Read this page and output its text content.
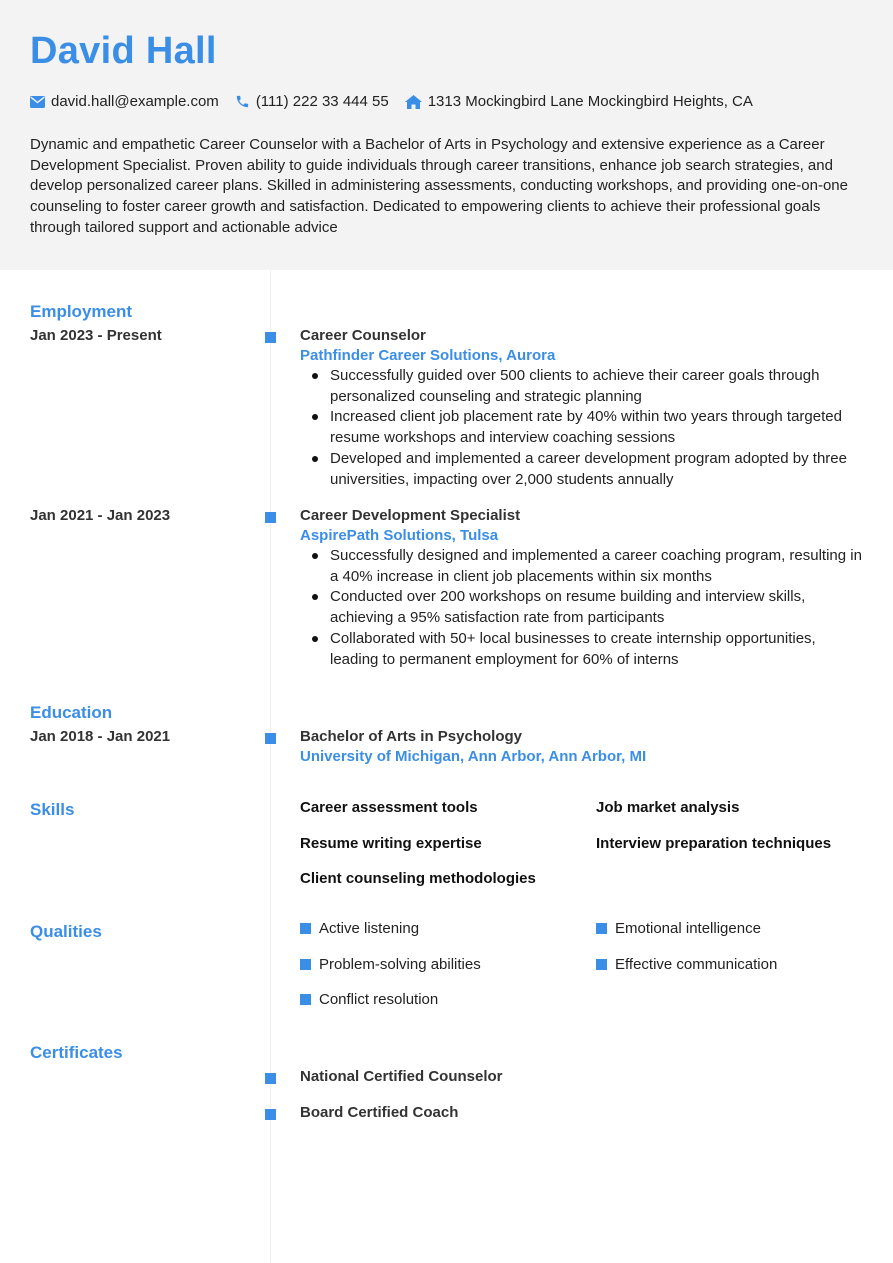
David Hall
david.hall@example.com (111) 222 33 444 55	1313 Mockingbird Lane Mockingbird Heights, CA
Dynamic and empathetic Career Counselor with a Bachelor of Arts in Psychology and extensive experience as a Career Development Specialist. Proven ability to guide individuals through career transitions, enhance job search strategies, and develop personalized career plans. Skilled in administering assessments, conducting workshops, and providing one-on-one counseling to foster career growth and satisfaction. Dedicated to empowering clients to achieve their professional goals through tailored support and actionable advice
Employment
Jan 2023 - Present	Career Counselor
Pathfinder Career Solutions, Aurora
Successfully guided over 500 clients to achieve their career goals through personalized counseling and strategic planning
Increased client job placement rate by 40% within two years through targeted resume workshops and interview coaching sessions
Developed and implemented a career development program adopted by three universities, impacting over 2,000 students annually
Jan 2021 - Jan 2023	Career Development Specialist
AspirePath Solutions, Tulsa
Successfully designed and implemented a career coaching program, resulting in a 40% increase in client job placements within six months
Conducted over 200 workshops on resume building and interview skills, achieving a 95% satisfaction rate from participants
Collaborated with 50+ local businesses to create internship opportunities, leading to permanent employment for 60% of interns
Education
Jan 2018 - Jan 2021	Bachelor of Arts in Psychology
University of Michigan, Ann Arbor, Ann Arbor, MI
Skills	Career assessment tools	Job market analysis
Resume writing expertise	Interview preparation techniques
Client counseling methodologies
Qualities	Active listening	Emotional intelligence
Problem-solving abilities	Effective communication
Conflict resolution
Certificates
National Certified Counselor
Board Certified Coach
